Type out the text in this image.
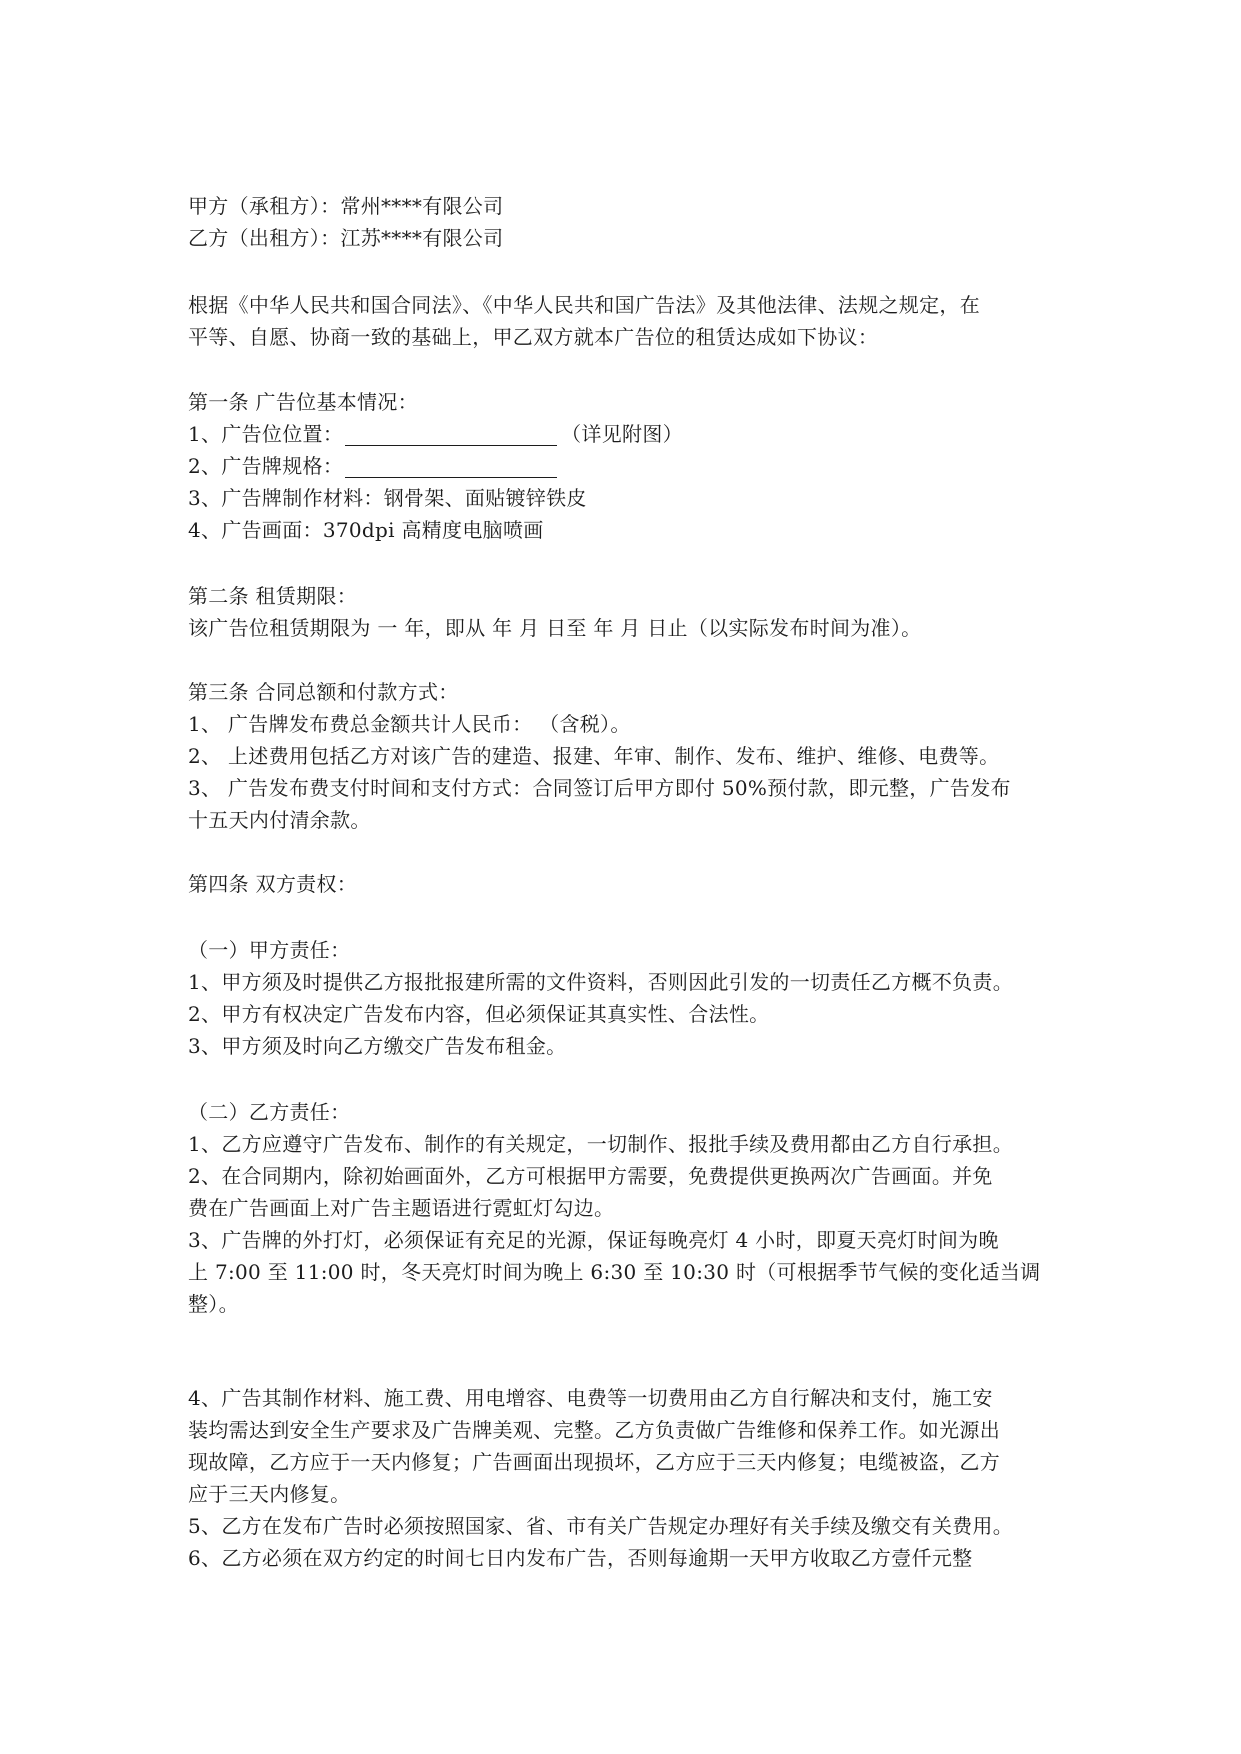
甲方（承租方）：常州****有限公司
乙方（出租方）：江苏****有限公司
根据《中华人民共和国合同法》、《中华人民共和国广告法》及其他法律、法规之规定，在
平等、自愿、协商一致的基础上，甲乙双方就本广告位的租赁达成如下协议：
第一条 广告位基本情况：
1、广告位位置：	（详见附图）
2、广告牌规格：
3、广告牌制作材料：钢骨架、面贴镀锌铁皮
4、广告画面：370dpi 高精度电脑喷画
第二条 租赁期限：
该广告位租赁期限为 一 年，即从 年 月 日至 年 月 日止（以实际发布时间为准）。
第三条 合同总额和付款方式：
1、 广告牌发布费总金额共计人民币： （含税）。
2、 上述费用包括乙方对该广告的建造、报建、年审、制作、发布、维护、维修、电费等。
3、 广告发布费支付时间和支付方式：合同签订后甲方即付 50%预付款，即元整，广告发布
十五天内付清余款。
第四条 双方责权：
（一）甲方责任：
1、甲方须及时提供乙方报批报建所需的文件资料，否则因此引发的一切责任乙方概不负责。
2、甲方有权决定广告发布内容，但必须保证其真实性、合法性。
3、甲方须及时向乙方缴交广告发布租金。
（二）乙方责任：
1、乙方应遵守广告发布、制作的有关规定，一切制作、报批手续及费用都由乙方自行承担。
2、在合同期内，除初始画面外，乙方可根据甲方需要，免费提供更换两次广告画面。并免
费在广告画面上对广告主题语进行霓虹灯勾边。
3、广告牌的外打灯，必须保证有充足的光源，保证每晚亮灯 4 小时，即夏天亮灯时间为晚
上 7:00 至 11:00 时，冬天亮灯时间为晚上 6:30 至 10:30 时（可根据季节气候的变化适当调
整）。
4、广告其制作材料、施工费、用电增容、电费等一切费用由乙方自行解决和支付，施工安
装均需达到安全生产要求及广告牌美观、完整。乙方负责做广告维修和保养工作。如光源出
现故障，乙方应于一天内修复；广告画面出现损坏，乙方应于三天内修复；电缆被盗，乙方
应于三天内修复。
5、乙方在发布广告时必须按照国家、省、市有关广告规定办理好有关手续及缴交有关费用。
6、乙方必须在双方约定的时间七日内发布广告，否则每逾期一天甲方收取乙方壹仟元整
